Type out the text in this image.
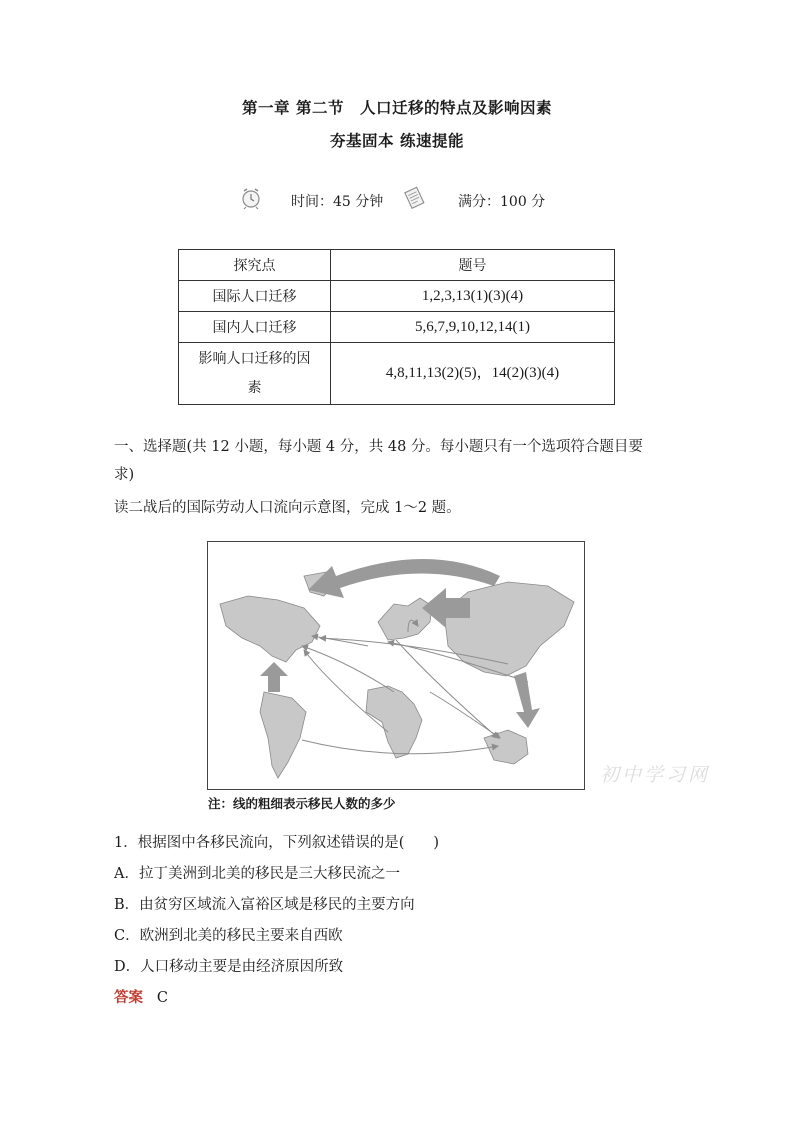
第一章 第二节　人口迁移的特点及影响因素
夯基固本 练速提能
时间：45 分钟	满分：100 分
探究点	题号
国际人口迁移	1,2,3,13(1)(3)(4)
国内人口迁移	5,6,7,9,10,12,14(1)
影响人口迁移的因
素	4,8,11,13(2)(5)，14(2)(3)(4)
一、选择题(共 12 小题，每小题 4 分，共 48 分。每小题只有一个选项符合题目要
求)
读二战后的国际劳动人口流向示意图，完成 1～2 题。
注：线的粗细表示移民人数的多少
初中学习网
1．根据图中各移民流向，下列叙述错误的是(　　)
A．拉丁美洲到北美的移民是三大移民流之一
B．由贫穷区域流入富裕区域是移民的主要方向
C．欧洲到北美的移民主要来自西欧
D．人口移动主要是由经济原因所致
答案 C
